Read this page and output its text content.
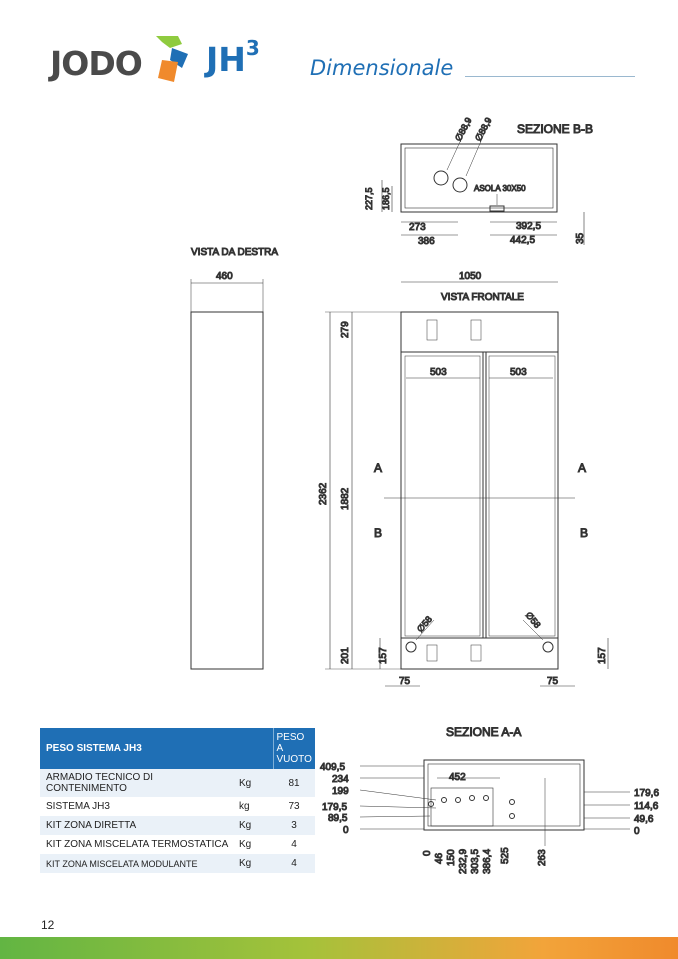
JODO $JH^3$
Dimensionale
SEZIONE B-B
∅88,9 ∅88,9
227,5 186,5	ASOLA 30X50
273
386
392,5
442,5	35
VISTA DA DESTRA
460	1050
VISTA FRONTALE
279
2362 1882
201	157	157
503	503
∅58	∅58
75	75
A
B
A
B
SEZIONE A-A
452
409,5
234
199
179,5
89,5
0
179,6
114,6
49,6
0
0 46 150 232,9 303,5 386,4 525	263
PESO SISTEMA JH3		PESO A
VUOTO
ARMADIO TECNICO DI CONTENIMENTO	Kg	81
SISTEMA JH3	kg	73
KIT ZONA DIRETTA	Kg	3
KIT ZONA MISCELATA TERMOSTATICA	Kg	4
KIT ZONA MISCELATA MODULANTE	Kg	4
12
